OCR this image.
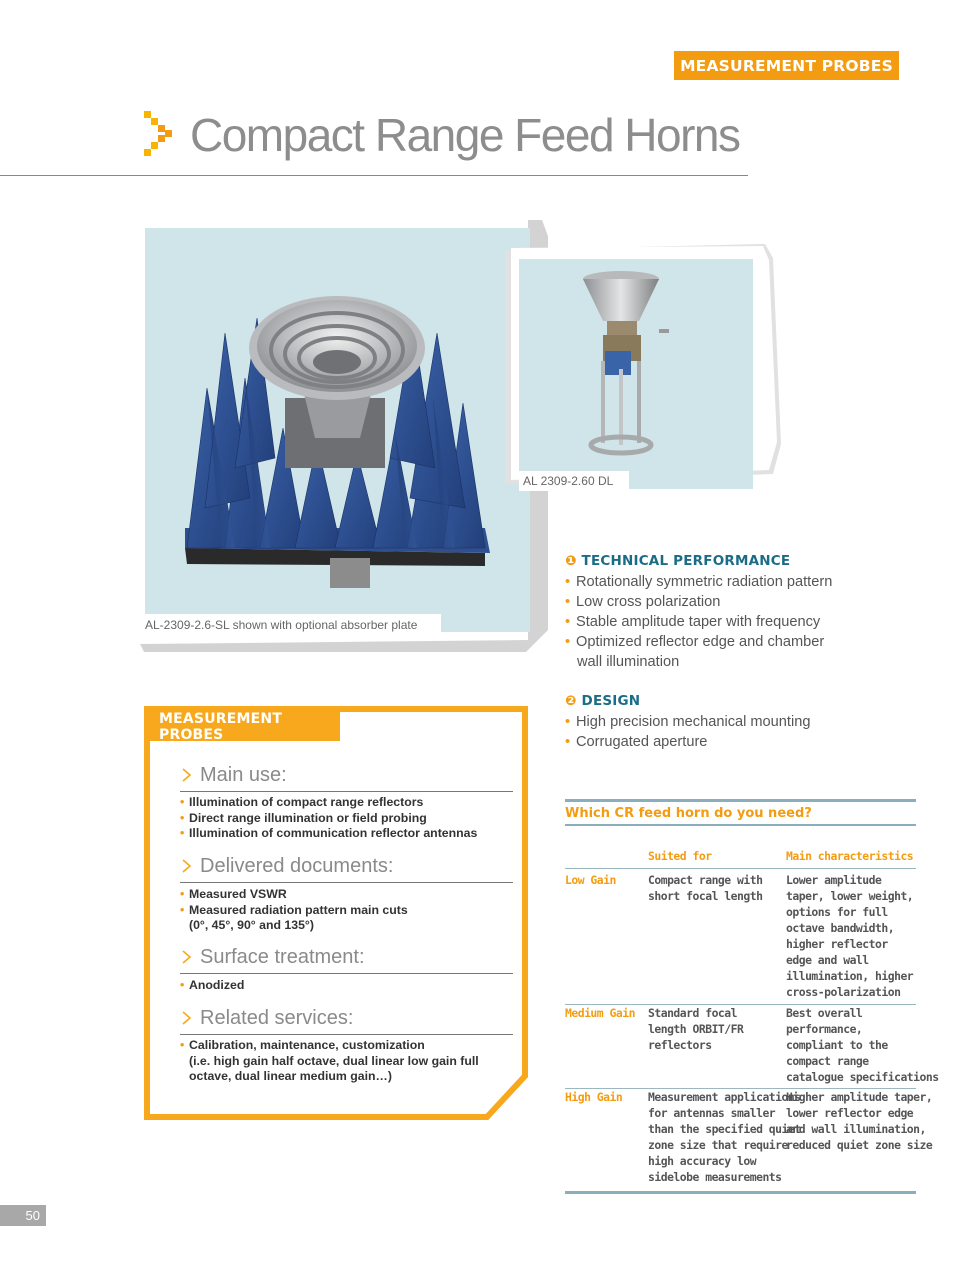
MEASUREMENT PROBES
Compact Range Feed Horns
AL-2309-2.6-SL shown with optional absorber plate
AL 2309-2.60 DL
❶ TECHNICAL PERFORMANCE
• Rotationally symmetric radiation pattern
• Low cross polarization
• Stable amplitude taper with frequency
• Optimized reflector edge and chamber
wall illumination
❷ DESIGN
• High precision mechanical mounting
• Corrugated aperture
MEASUREMENT PROBES
Main use:
• Illumination of compact range reflectors
• Direct range illumination or field probing
• Illumination of communication reflector antennas
Delivered documents:
• Measured VSWR
• Measured radiation pattern main cuts
(0°, 45°, 90° and 135°)
Surface treatment:
• Anodized
Related services:
• Calibration, maintenance, customization
(i.e. high gain half octave, dual linear low gain full
octave, dual linear medium gain…)
Which CR feed horn do you need?
Suited for	Main characteristics
Low Gain	Compact range with
short focal length
Lower amplitude
taper, lower weight,
options for full
octave bandwidth,
higher reflector
edge and wall
illumination, higher
cross-polarization
Medium Gain Standard focal
length ORBIT/FR
reflectors
Best overall
performance,
compliant to the
compact range
catalogue specifications
High Gain Measurement applications
for antennas smaller
than the specified quiet
zone size that require
high accuracy low
sidelobe measurements
Higher amplitude taper,
lower reflector edge
and wall illumination,
reduced quiet zone size
50
